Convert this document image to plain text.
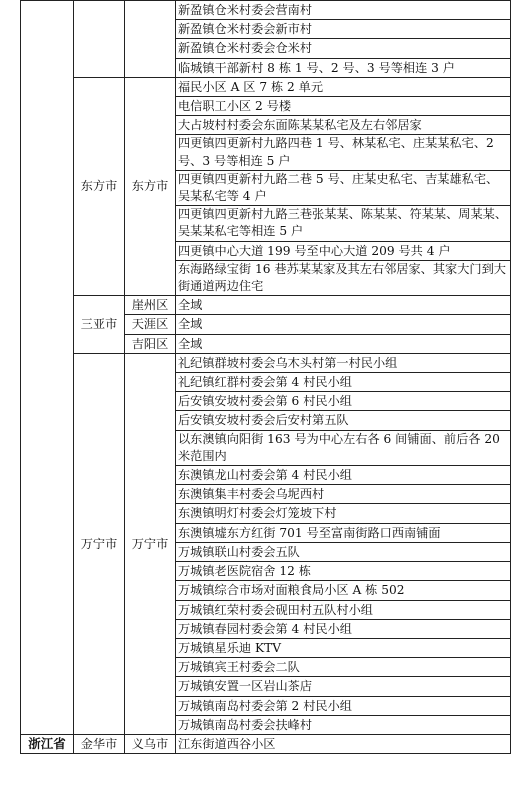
			新盈镇仓米村委会营南村
			新盈镇仓米村委会新市村
			新盈镇仓米村委会仓米村
			临城镇干部新村 8 栋 1 号、2 号、3 号等相连 3 户
	东方市	东方市	福民小区 A 区 7 栋 2 单元
			电信职工小区 2 号楼
			大占坡村村委会东面陈某某私宅及左右邻居家
			四更镇四更新村九路四巷 1 号、林某私宅、庄某某私宅、2 号、3 号等相连 5 户
			四更镇四更新村九路二巷 5 号、庄某史私宅、吉某雄私宅、吴某私宅等 4 户
			四更镇四更新村九路三巷张某某、陈某某、符某某、周某某、吴某某私宅等相连 5 户
			四更镇中心大道 199 号至中心大道 209 号共 4 户
			东海路绿宝街 16 巷苏某某家及其左右邻居家、其家大门到大街通道两边住宅
	三亚市	崖州区	全域
		天涯区	全域
		吉阳区	全域
	万宁市	万宁市	礼纪镇群坡村委会乌木头村第一村民小组
			礼纪镇红群村委会第 4 村民小组
			后安镇安坡村委会第 6 村民小组
			后安镇安坡村委会后安村第五队
			以东澳镇向阳街 163 号为中心左右各 6 间铺面、前后各 20 米范围内
			东澳镇龙山村委会第 4 村民小组
			东澳镇集丰村委会乌坭西村
			东澳镇明灯村委会灯笼坡下村
			东澳镇墟东方红街 701 号至富南街路口西南铺面
			万城镇联山村委会五队
			万城镇老医院宿舍 12 栋
			万城镇综合市场对面粮食局小区 A 栋 502
			万城镇红荣村委会砚田村五队村小组
			万城镇春园村委会第 4 村民小组
			万城镇星乐迪 KTV
			万城镇宾王村委会二队
			万城镇安置一区岩山茶店
			万城镇南岛村委会第 2 村民小组
			万城镇南岛村委会扶峰村
浙江省	金华市	义乌市	江东街道西谷小区
